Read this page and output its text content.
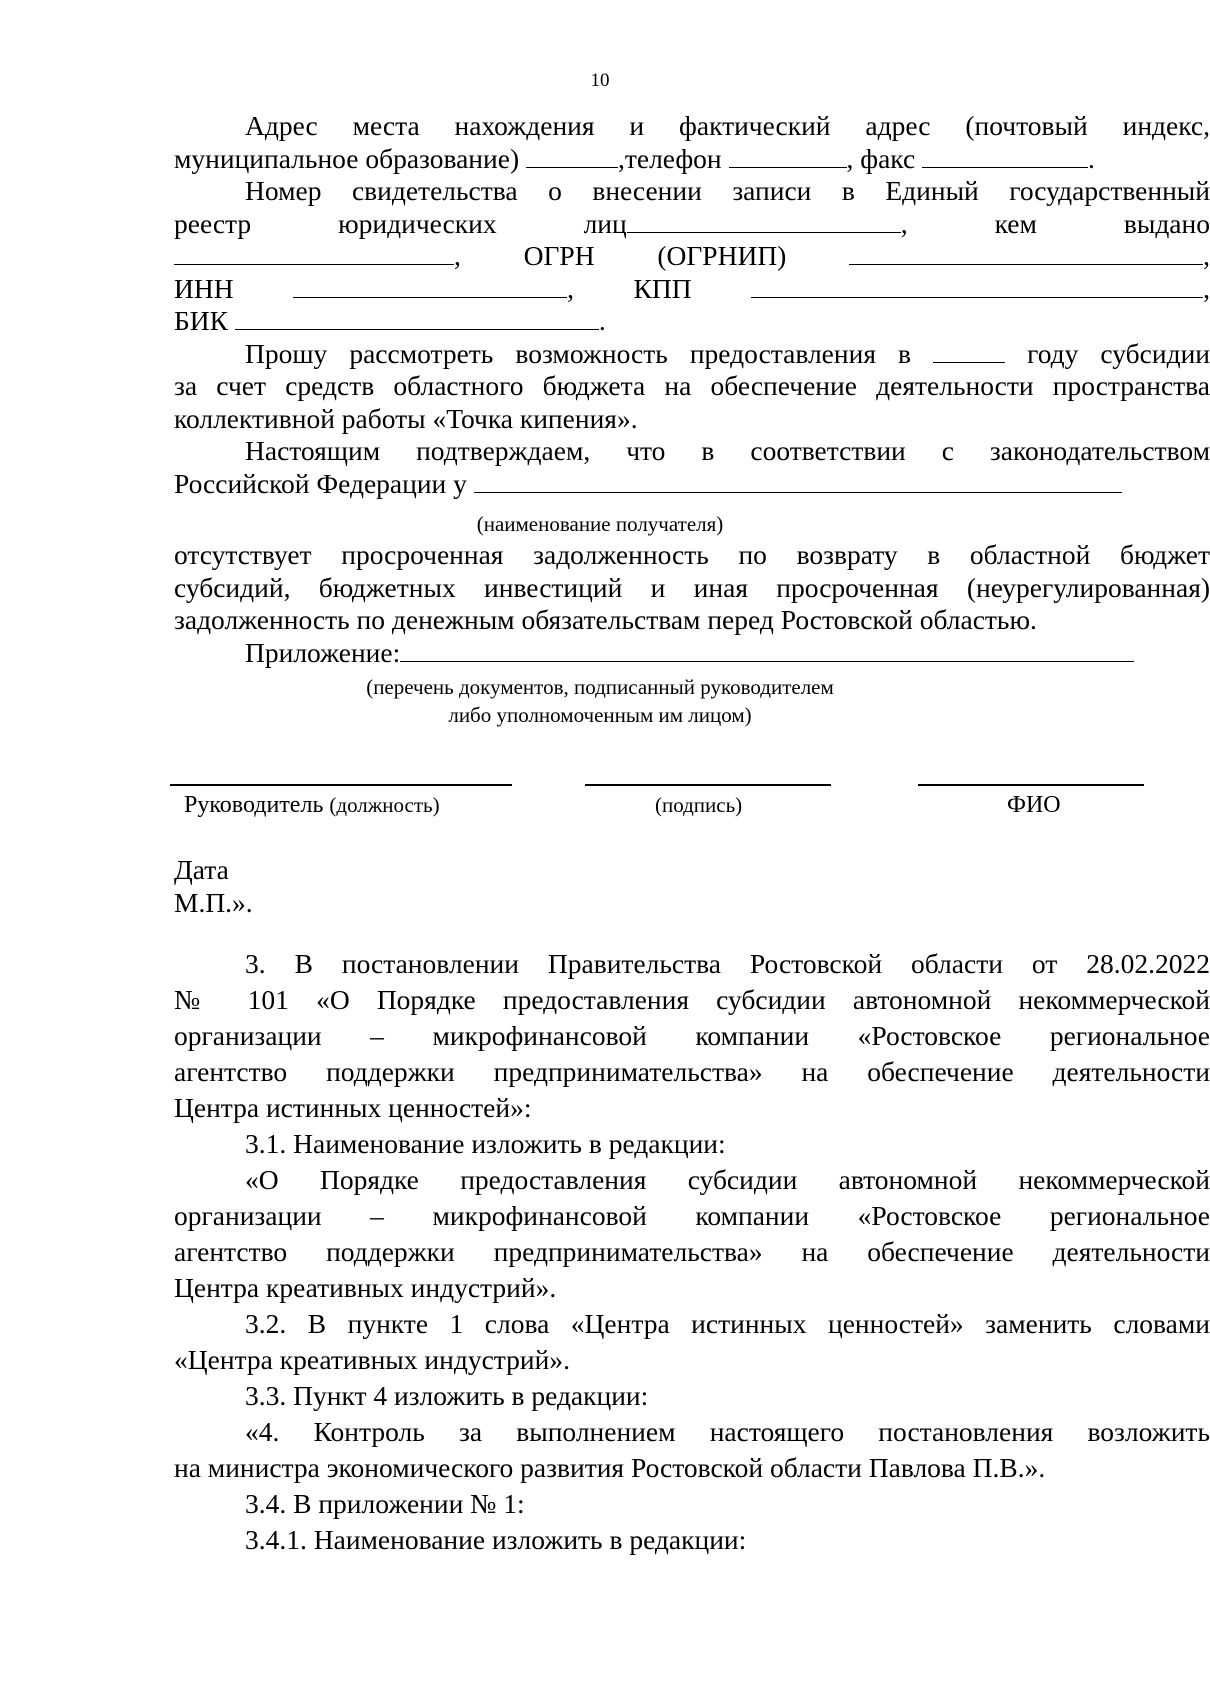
10

Адрес места нахождения и фактический адрес (почтовый индекс,

муниципальное образование)	,телефон	, факс	.

Номер свидетельства о внесении записи в Единый государственный

реестр	юридических	лиц	,	кем	выдано

, ОГРН (ОГРНИП)	,

ИНН	, КПП	,

БИК	.

Прошу рассмотреть возможность предоставления в	году субсидии

за счет средств областного бюджета на обеспечение деятельности пространства

коллективной работы «Точка кипения».

Настоящим подтверждаем, что в соответствии с законодательством

Российской Федерации у

(наименование получателя)

отсутствует просроченная задолженность по возврату в областной бюджет

субсидий, бюджетных инвестиций и иная просроченная (неурегулированная)

задолженность по денежным обязательствам перед Ростовской областью.

Приложение:

(перечень документов, подписанный руководителем
либо уполномоченным им лицом)
Руководитель (должность)	(подпись)	ФИО

Дата

М.П.».

3. В постановлении Правительства Ростовской области от 28.02.2022

№ 101 «О Порядке предоставления субсидии автономной некоммерческой

организации – микрофинансовой компании «Ростовское региональное

агентство поддержки предпринимательства» на обеспечение деятельности

Центра истинных ценностей»:

3.1. Наименование изложить в редакции:

«О Порядке предоставления субсидии автономной некоммерческой

организации – микрофинансовой компании «Ростовское региональное

агентство поддержки предпринимательства» на обеспечение деятельности

Центра креативных индустрий».

3.2. В пункте 1 слова «Центра истинных ценностей» заменить словами

«Центра креативных индустрий».

3.3. Пункт 4 изложить в редакции:

«4. Контроль за выполнением настоящего постановления возложить

на министра экономического развития Ростовской области Павлова П.В.».

3.4. В приложении № 1:

3.4.1. Наименование изложить в редакции:
